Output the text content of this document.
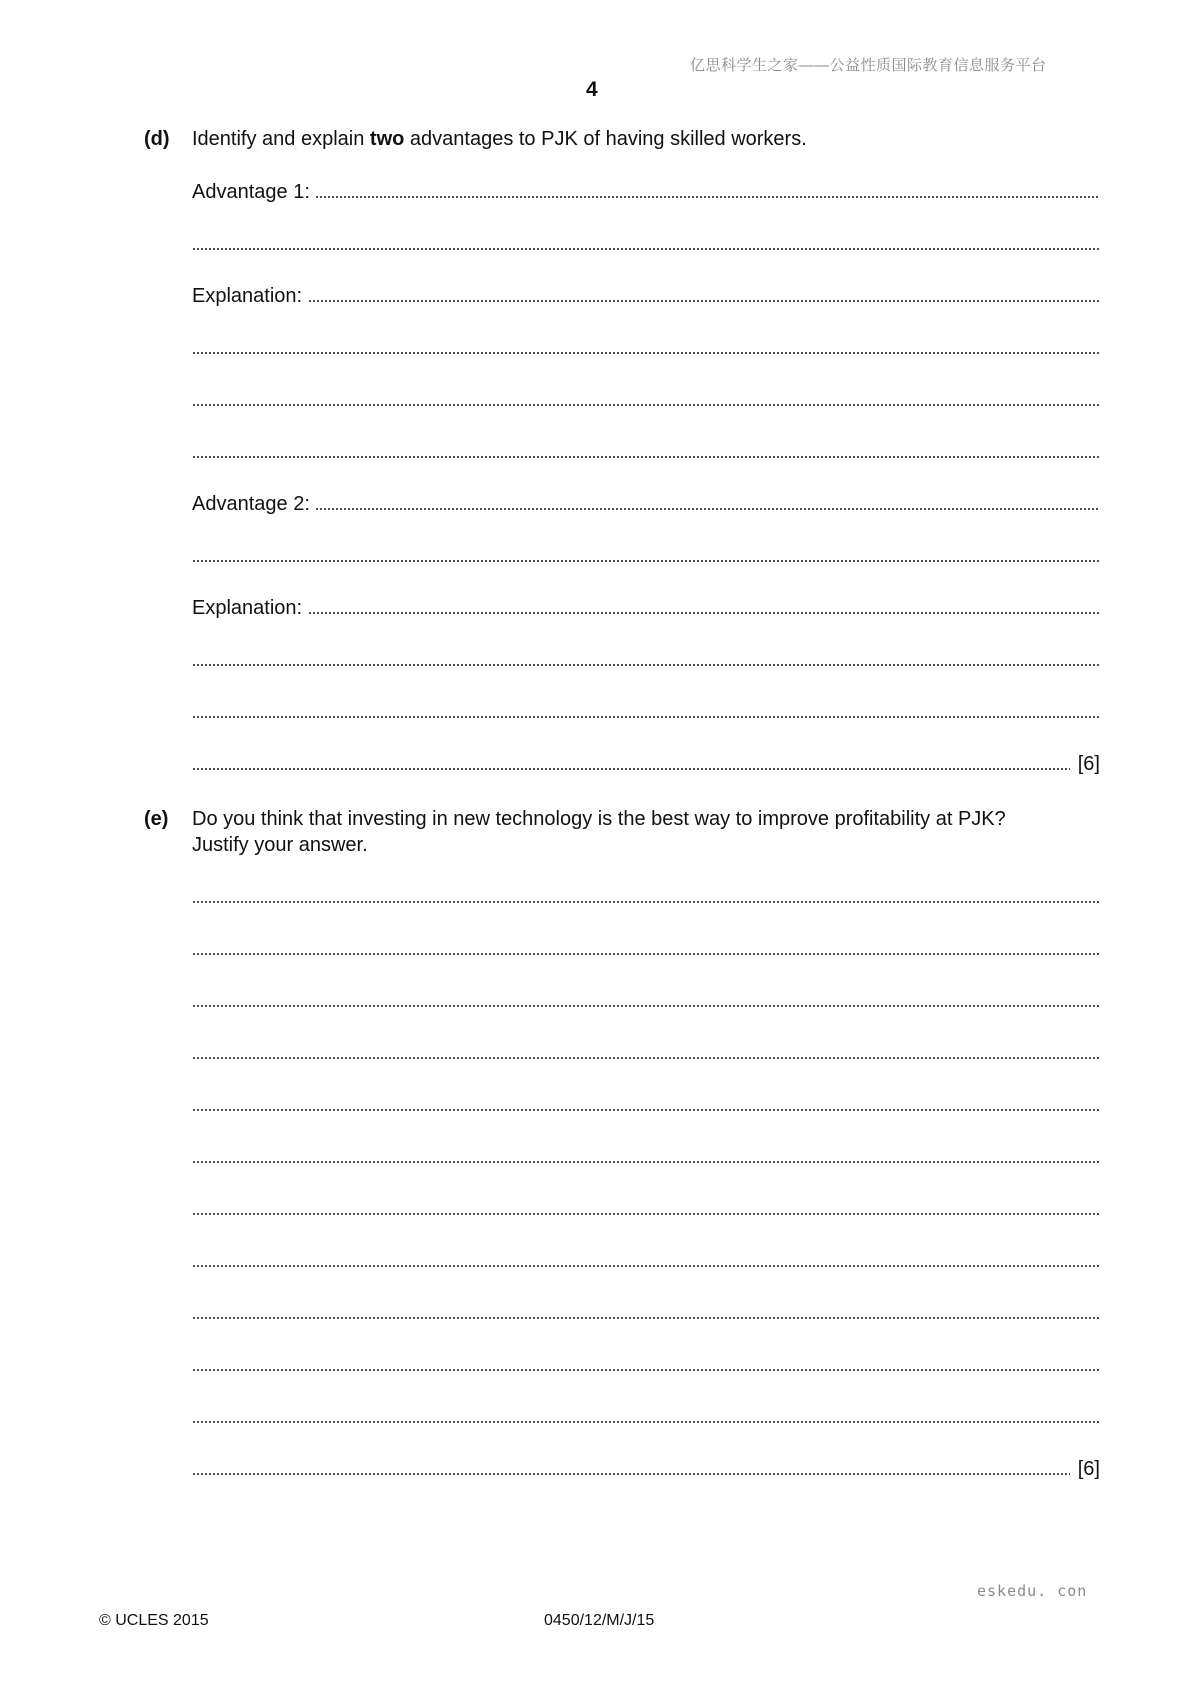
亿思科学生之家——公益性质国际教育信息服务平台
4
(d) Identify and explain two advantages to PJK of having skilled workers.
Advantage 1:
Explanation:
Advantage 2:
Explanation:
[6]
(e) Do you think that investing in new technology is the best way to improve profitability at PJK?
Justify your answer.
[6]
eskedu. con
© UCLES 2015	0450/12/M/J/15
